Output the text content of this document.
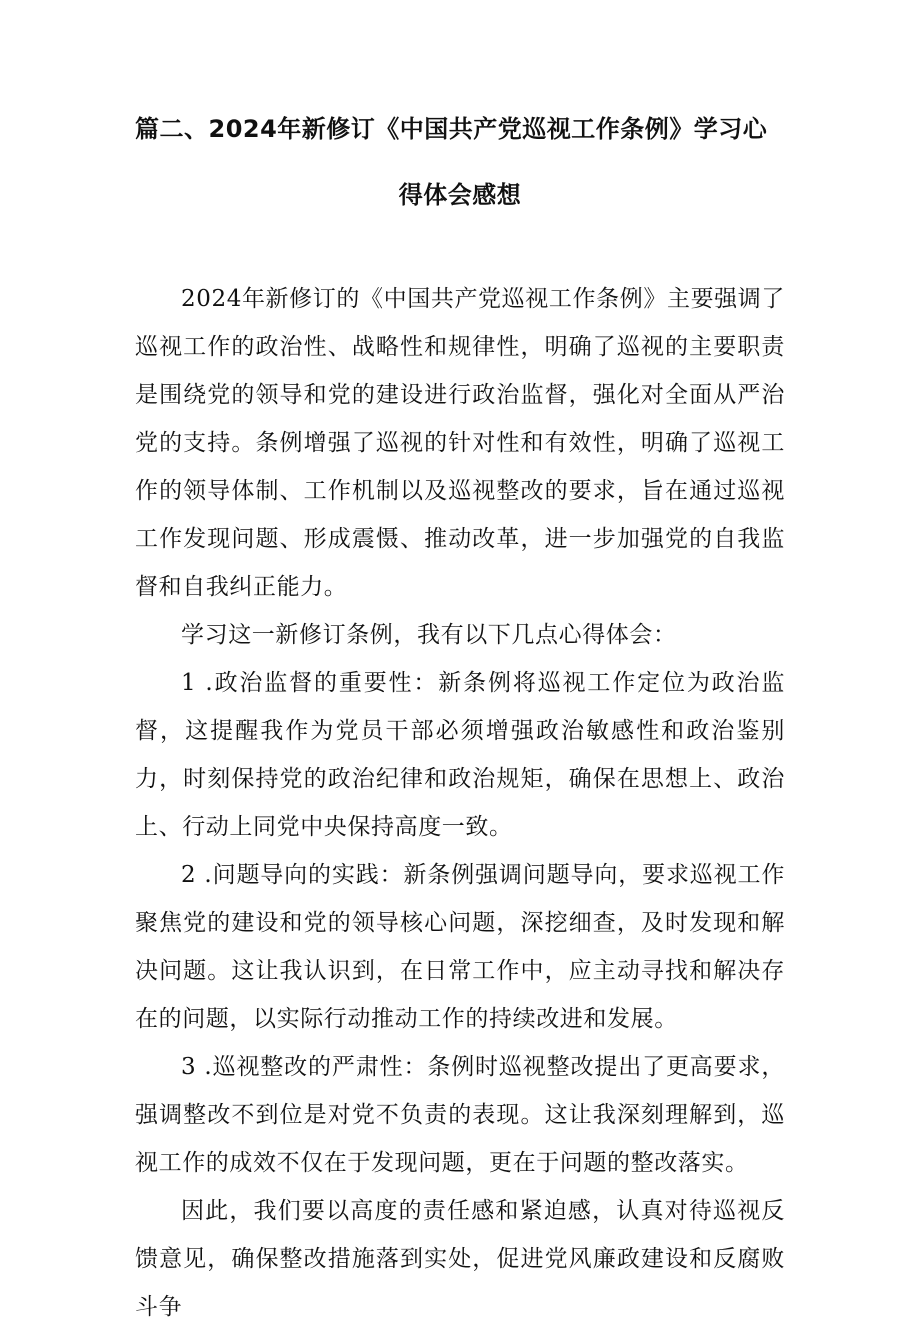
篇二、2024年新修订《中国共产党巡视工作条例》学习心
得体会感想

2024年新修订的《中国共产党巡视工作条例》主要强调了巡视工作的政治性、战略性和规律性，明确了巡视的主要职责是围绕党的领导和党的建设进行政治监督，强化对全面从严治党的支持。条例增强了巡视的针对性和有效性，明确了巡视工作的领导体制、工作机制以及巡视整改的要求，旨在通过巡视工作发现问题、形成震慑、推动改革，进一步加强党的自我监督和自我纠正能力。

学习这一新修订条例，我有以下几点心得体会：

1 .政治监督的重要性：新条例将巡视工作定位为政治监督，这提醒我作为党员干部必须增强政治敏感性和政治鉴别力，时刻保持党的政治纪律和政治规矩，确保在思想上、政治上、行动上同党中央保持高度一致。

2 .问题导向的实践：新条例强调问题导向，要求巡视工作聚焦党的建设和党的领导核心问题，深挖细查，及时发现和解决问题。这让我认识到，在日常工作中，应主动寻找和解决存在的问题，以实际行动推动工作的持续改进和发展。

3 .巡视整改的严肃性：条例时巡视整改提出了更高要求，强调整改不到位是对党不负责的表现。这让我深刻理解到，巡视工作的成效不仅在于发现问题，更在于问题的整改落实。

因此，我们要以高度的责任感和紧迫感，认真对待巡视反馈意见，确保整改措施落到实处，促进党风廉政建设和反腐败斗争
